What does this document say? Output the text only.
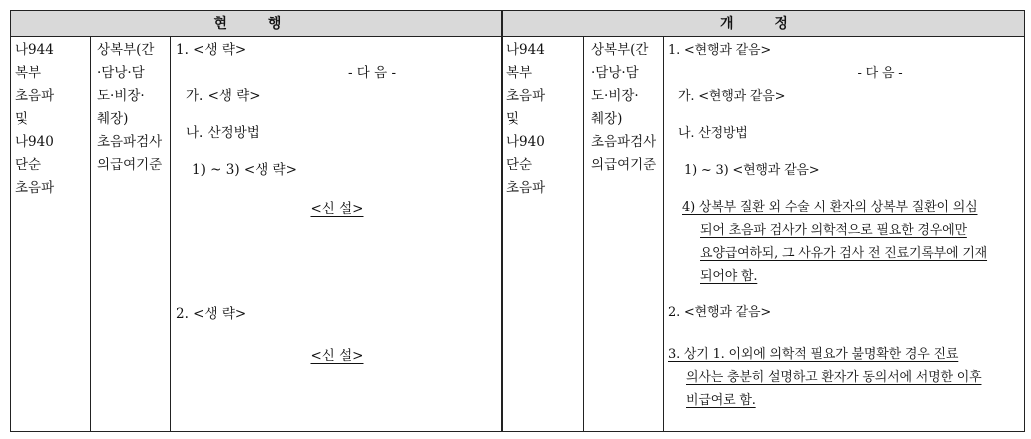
현 행	개 정
나944
복부
초음파
및
나940
단순
초음파
상복부(간
·담낭·담
도·비장·
췌장)
초음파검사
의급여기준
1. <생 략>
- 다 음 -
가. <생 략>
나. 산정방법
1) ~ 3) <생 략>
<신 설>
2. <생 략>
<신 설>
나944
복부
초음파
및
나940
단순
초음파
상복부(간
·담낭·담
도·비장·
췌장)
초음파검사
의급여기준
1. <현행과 같음>
- 다 음 -
가. <현행과 같음>
나. 산정방법
1) ~ 3) <현행과 같음>
4) 상복부 질환 외 수술 시 환자의 상복부 질환이 의심
되어 초음파 검사가 의학적으로 필요한 경우에만
요양급여하되, 그 사유가 검사 전 진료기록부에 기재
되어야 함.
2. <현행과 같음>
3. 상기 1. 이외에 의학적 필요가 불명확한 경우 진료
의사는 충분히 설명하고 환자가 동의서에 서명한 이후
비급여로 함.
